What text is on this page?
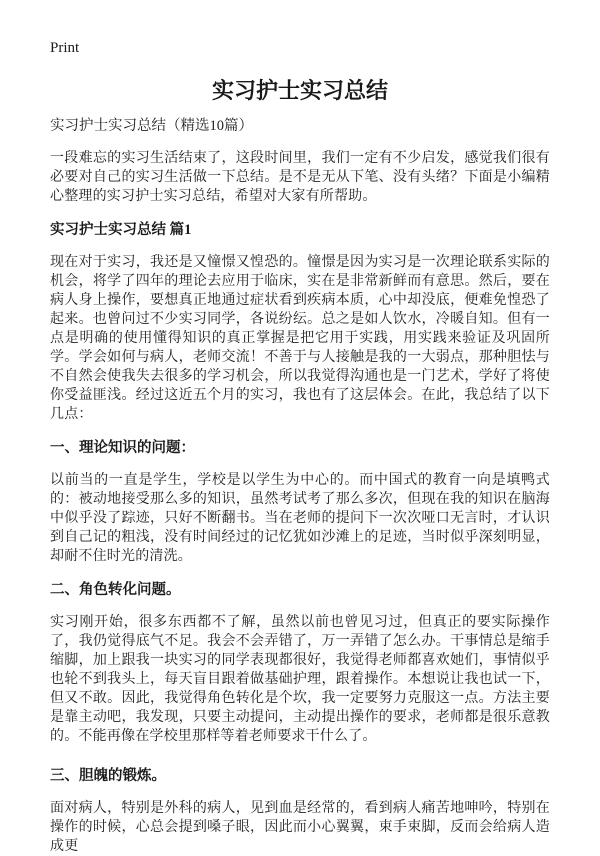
Print
实习护士实习总结

实习护士实习总结（精选10篇）

一段难忘的实习生活结束了，这段时间里，我们一定有不少启发，感觉我们很有必要对自己的实习生活做一下总结。是不是无从下笔、没有头绪？下面是小编精心整理的实习护士实习总结，希望对大家有所帮助。

实习护士实习总结 篇1

现在对于实习，我还是又憧憬又惶恐的。憧憬是因为实习是一次理论联系实际的机会，将学了四年的理论去应用于临床，实在是非常新鲜而有意思。然后，要在病人身上操作，要想真正地通过症状看到疾病本质，心中却没底，便难免惶恐了起来。也曾问过不少实习同学，各说纷纭。总之是如人饮水，冷暖自知。但有一点是明确的使用懂得知识的真正掌握是把它用于实践，用实践来验证及巩固所学。学会如何与病人，老师交流！不善于与人接触是我的一大弱点，那种胆怯与不自然会使我失去很多的学习机会，所以我觉得沟通也是一门艺术，学好了将使你受益匪浅。经过这近五个月的实习，我也有了这层体会。在此，我总结了以下几点：

一、理论知识的问题：

以前当的一直是学生，学校是以学生为中心的。而中国式的教育一向是填鸭式的：被动地接受那么多的知识，虽然考试考了那么多次，但现在我的知识在脑海中似乎没了踪迹，只好不断翻书。当在老师的提问下一次次哑口无言时，才认识到自己记的粗浅，没有时间经过的记忆犹如沙滩上的足迹，当时似乎深刻明显，却耐不住时光的清洗。

二、角色转化问题。

实习刚开始，很多东西都不了解，虽然以前也曾见习过，但真正的要实际操作了，我仍觉得底气不足。我会不会弄错了，万一弄错了怎么办。干事情总是缩手缩脚，加上跟我一块实习的同学表现都很好，我觉得老师都喜欢她们，事情似乎也轮不到我头上，每天盲目跟着做基础护理，跟着操作。本想说让我也试一下，但又不敢。因此，我觉得角色转化是个坎，我一定要努力克服这一点。方法主要是靠主动吧，我发现，只要主动提问，主动提出操作的要求，老师都是很乐意教的。不能再像在学校里那样等着老师要求干什么了。

三、胆魄的锻炼。

面对病人，特别是外科的病人，见到血是经常的，看到病人痛苦地呻吟，特别在操作的时候，心总会提到嗓子眼，因此而小心翼翼，束手束脚，反而会给病人造成更
